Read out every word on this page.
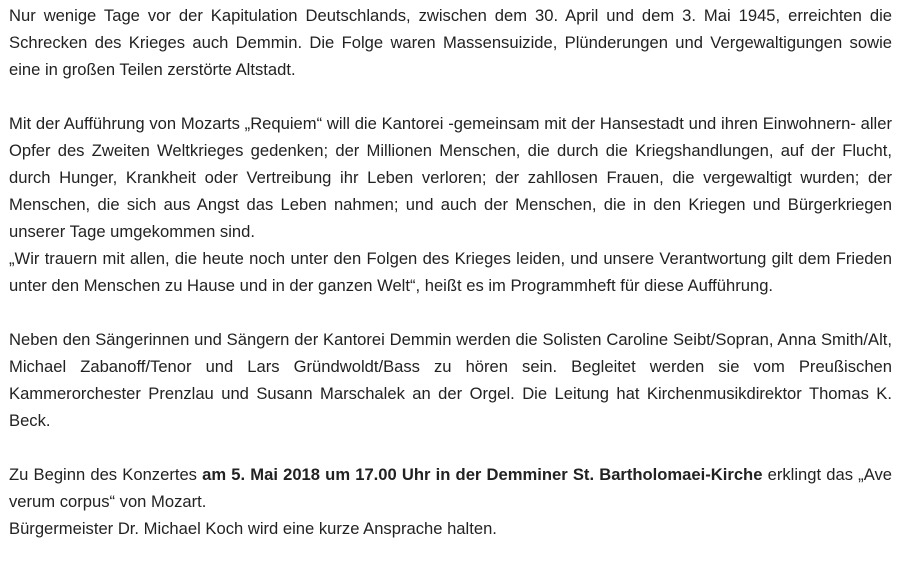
Nur wenige Tage vor der Kapitulation Deutschlands, zwischen dem 30. April und dem 3. Mai 1945, erreichten die Schrecken des Krieges auch Demmin. Die Folge waren Massensuizide, Plünderungen und Vergewaltigungen sowie eine in großen Teilen zerstörte Altstadt.

Mit der Aufführung von Mozarts „Requiem“ will die Kantorei -gemeinsam mit der Hansestadt und ihren Einwohnern- aller Opfer des Zweiten Weltkrieges gedenken; der Millionen Menschen, die durch die Kriegshandlungen, auf der Flucht, durch Hunger, Krankheit oder Vertreibung ihr Leben verloren; der zahllosen Frauen, die vergewaltigt wurden; der Menschen, die sich aus Angst das Leben nahmen; und auch der Menschen, die in den Kriegen und Bürgerkriegen unserer Tage umgekommen sind.
„Wir trauern mit allen, die heute noch unter den Folgen des Krieges leiden, und unsere Verantwortung gilt dem Frieden unter den Menschen zu Hause und in der ganzen Welt“, heißt es im Programmheft für diese Aufführung.

Neben den Sängerinnen und Sängern der Kantorei Demmin werden die Solisten Caroline Seibt/Sopran, Anna Smith/Alt, Michael Zabanoff/Tenor und Lars Gründwoldt/Bass zu hören sein. Begleitet werden sie vom Preußischen Kammerorchester Prenzlau und Susann Marschalek an der Orgel. Die Leitung hat Kirchenmusikdirektor Thomas K. Beck.

Zu Beginn des Konzertes am 5. Mai 2018 um 17.00 Uhr in der Demminer St. Bartholomaei-Kirche erklingt das „Ave verum corpus“ von Mozart.
Bürgermeister Dr. Michael Koch wird eine kurze Ansprache halten.
